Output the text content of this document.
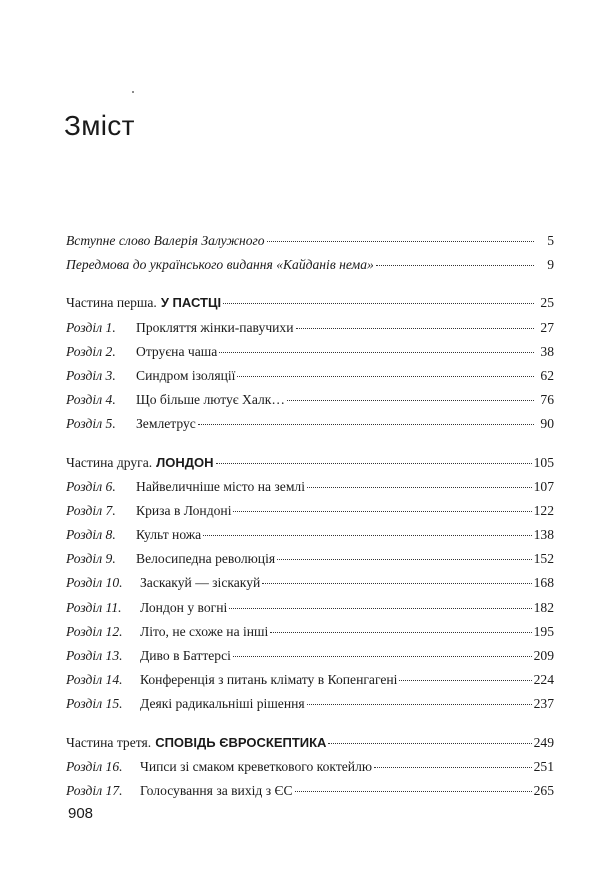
Зміст
Вступне слово Валерія Залужного	5
Передмова до українського видання «Кайданів нема»	9
Частина перша. У ПАСТЦІ	25
Розділ 1.	Прокляття жінки-павучихи	27
Розділ 2.	Отруєна чаша	38
Розділ 3.	Синдром ізоляції	62
Розділ 4.	Що більше лютує Халк…	76
Розділ 5.	Землетрус	90
Частина друга. ЛОНДОН	105
Розділ 6.	Найвеличніше місто на землі	107
Розділ 7.	Криза в Лондоні	122
Розділ 8.	Культ ножа	138
Розділ 9.	Велосипедна революція	152
Розділ 10.	Заскакуй — зіскакуй	168
Розділ 11.	Лондон у вогні	182
Розділ 12.	Літо, не схоже на інші	195
Розділ 13.	Диво в Баттерсі	209
Розділ 14.	Конференція з питань клімату в Копенгагені	224
Розділ 15.	Деякі радикальніші рішення	237
Частина третя. СПОВІДЬ ЄВРОСКЕПТИКА	249
Розділ 16.	Чипси зі смаком креветкового коктейлю	251
Розділ 17.	Голосування за вихід з ЄС	265
908
